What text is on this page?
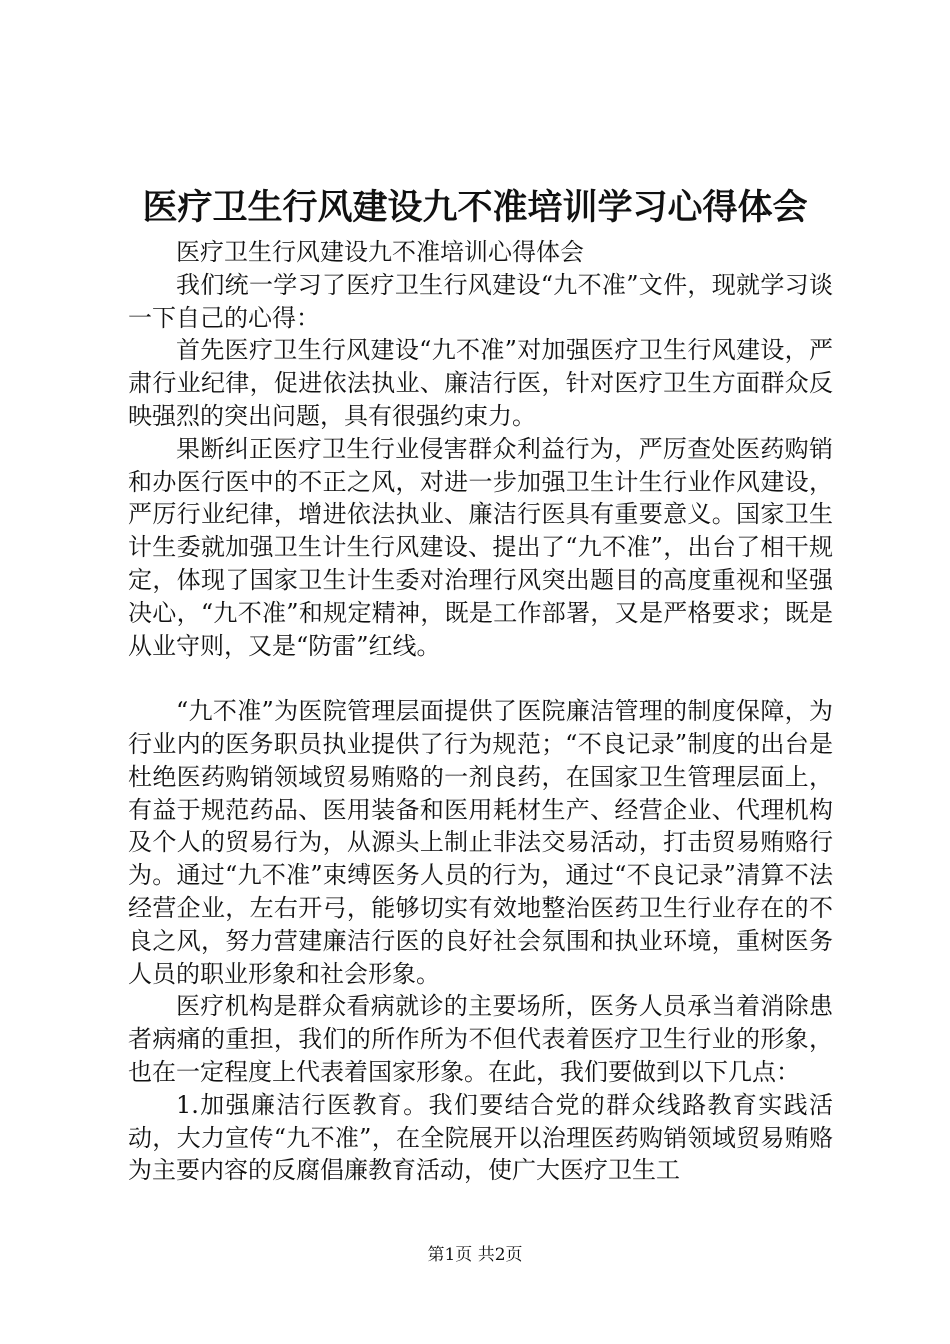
医疗卫生行风建设九不准培训学习心得体会

医疗卫生行风建设九不准培训心得体会

我们统一学习了医疗卫生行风建设“九不准”文件，现就学习谈一下自己的心得：

首先医疗卫生行风建设“九不准”对加强医疗卫生行风建设，严肃行业纪律，促进依法执业、廉洁行医，针对医疗卫生方面群众反映强烈的突出问题，具有很强约束力。

果断纠正医疗卫生行业侵害群众利益行为，严厉查处医药购销和办医行医中的不正之风，对进一步加强卫生计生行业作风建设，严厉行业纪律，增进依法执业、廉洁行医具有重要意义。国家卫生计生委就加强卫生计生行风建设、提出了“九不准”，出台了相干规定，体现了国家卫生计生委对治理行风突出题目的高度重视和坚强决心，“九不准”和规定精神，既是工作部署，又是严格要求；既是从业守则，又是“防雷”红线。

“九不准”为医院管理层面提供了医院廉洁管理的制度保障，为行业内的医务职员执业提供了行为规范；“不良记录”制度的出台是杜绝医药购销领域贸易贿赂的一剂良药，在国家卫生管理层面上，有益于规范药品、医用装备和医用耗材生产、经营企业、代理机构及个人的贸易行为，从源头上制止非法交易活动，打击贸易贿赂行为。通过“九不准”束缚医务人员的行为，通过“不良记录”清算不法经营企业，左右开弓，能够切实有效地整治医药卫生行业存在的不良之风，努力营建廉洁行医的良好社会氛围和执业环境，重树医务人员的职业形象和社会形象。

医疗机构是群众看病就诊的主要场所，医务人员承当着消除患者病痛的重担，我们的所作所为不但代表着医疗卫生行业的形象，也在一定程度上代表着国家形象。在此，我们要做到以下几点：

1.加强廉洁行医教育。我们要结合党的群众线路教育实践活动，大力宣传“九不准”，在全院展开以治理医药购销领域贸易贿赂为主要内容的反腐倡廉教育活动，使广大医疗卫生工

第1页 共2页
